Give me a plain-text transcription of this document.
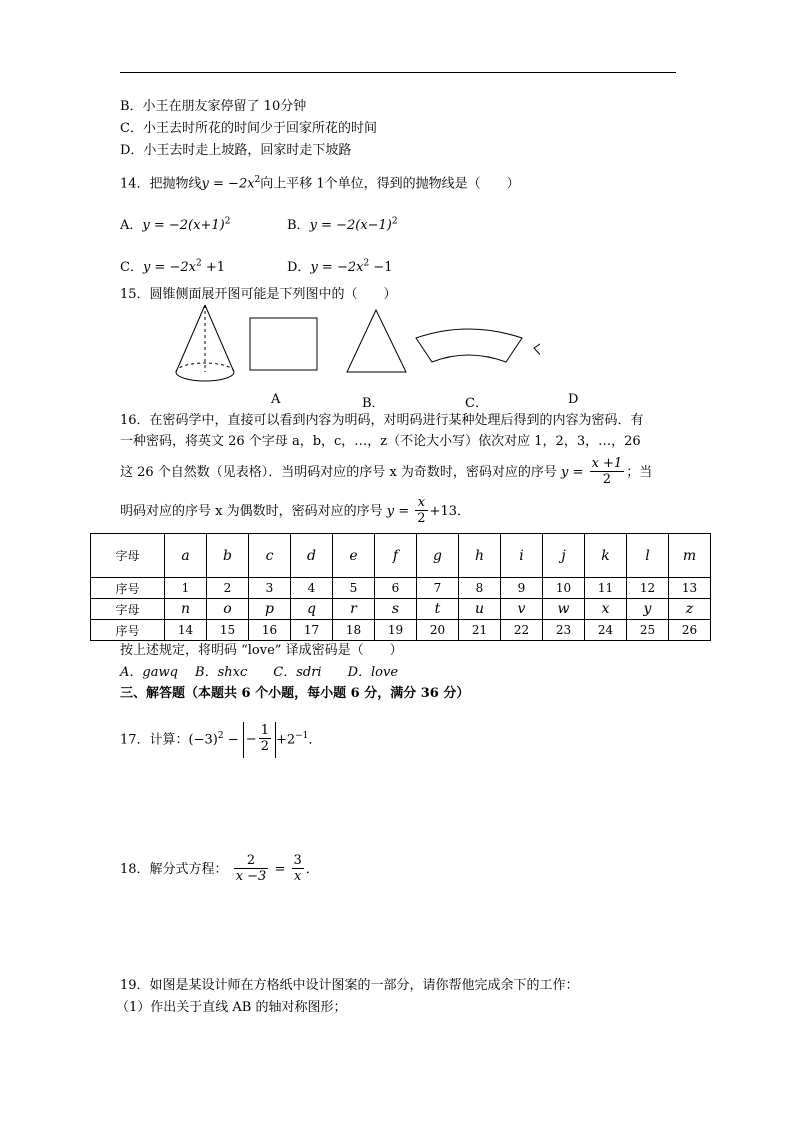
B．小王在朋友家停留了 10分钟
C．小王去时所花的时间少于回家所花的时间
D．小王去时走上坡路，回家时走下坡路
14．把抛物线$y = -2x^2$向上平移 1个单位，得到的抛物线是（　　）
A．$y = -2(x+1)^2$	B．$y = -2(x-1)^2$
C．$y = -2x^2 +1$	D．$y = -2x^2 -1$
15．圆锥侧面展开图可能是下列图中的（　　）
A	B．	C．	D
16．在密码学中，直接可以看到内容为明码，对明码进行某种处理后得到的内容为密码．有
一种密码，将英文 26 个字母 a，b，c，…，z（不论大小写）依次对应 1，2，3，…，26
这 26 个自然数（见表格）．当明码对应的序号 x 为奇数时，密码对应的序号 $y = \frac{x +1}{2}$ ；当
明码对应的序号 x 为偶数时，密码对应的序号 $y = \frac{x}{2} +13$．
字母	a	b	c	d	e	f	g	h	i	j	k	l	m
序号	1	2	3	4	5	6	7	8	9	10	11	12	13
字母	n	o	p	q	r	s	t	u	v	w	x	y	z
序号	14	15	16	17	18	19	20	21	22	23	24	25	26
按上述规定，将明码 “love” 译成密码是（　　）
A．gawq　 B．shxc　　C．sdri　　D．love
三、解答题（本题共 6 个小题，每小题 6 分，满分 36 分）
17．计算：$(-3)^2$ − − $\frac{1}{2} +2^{-1}$．
18．解分式方程： $\frac{2}{x -3} = \frac{3}{x}$ ．
19．如图是某设计师在方格纸中设计图案的一部分，请你帮他完成余下的工作：
（1）作出关于直线 AB 的轴对称图形；
